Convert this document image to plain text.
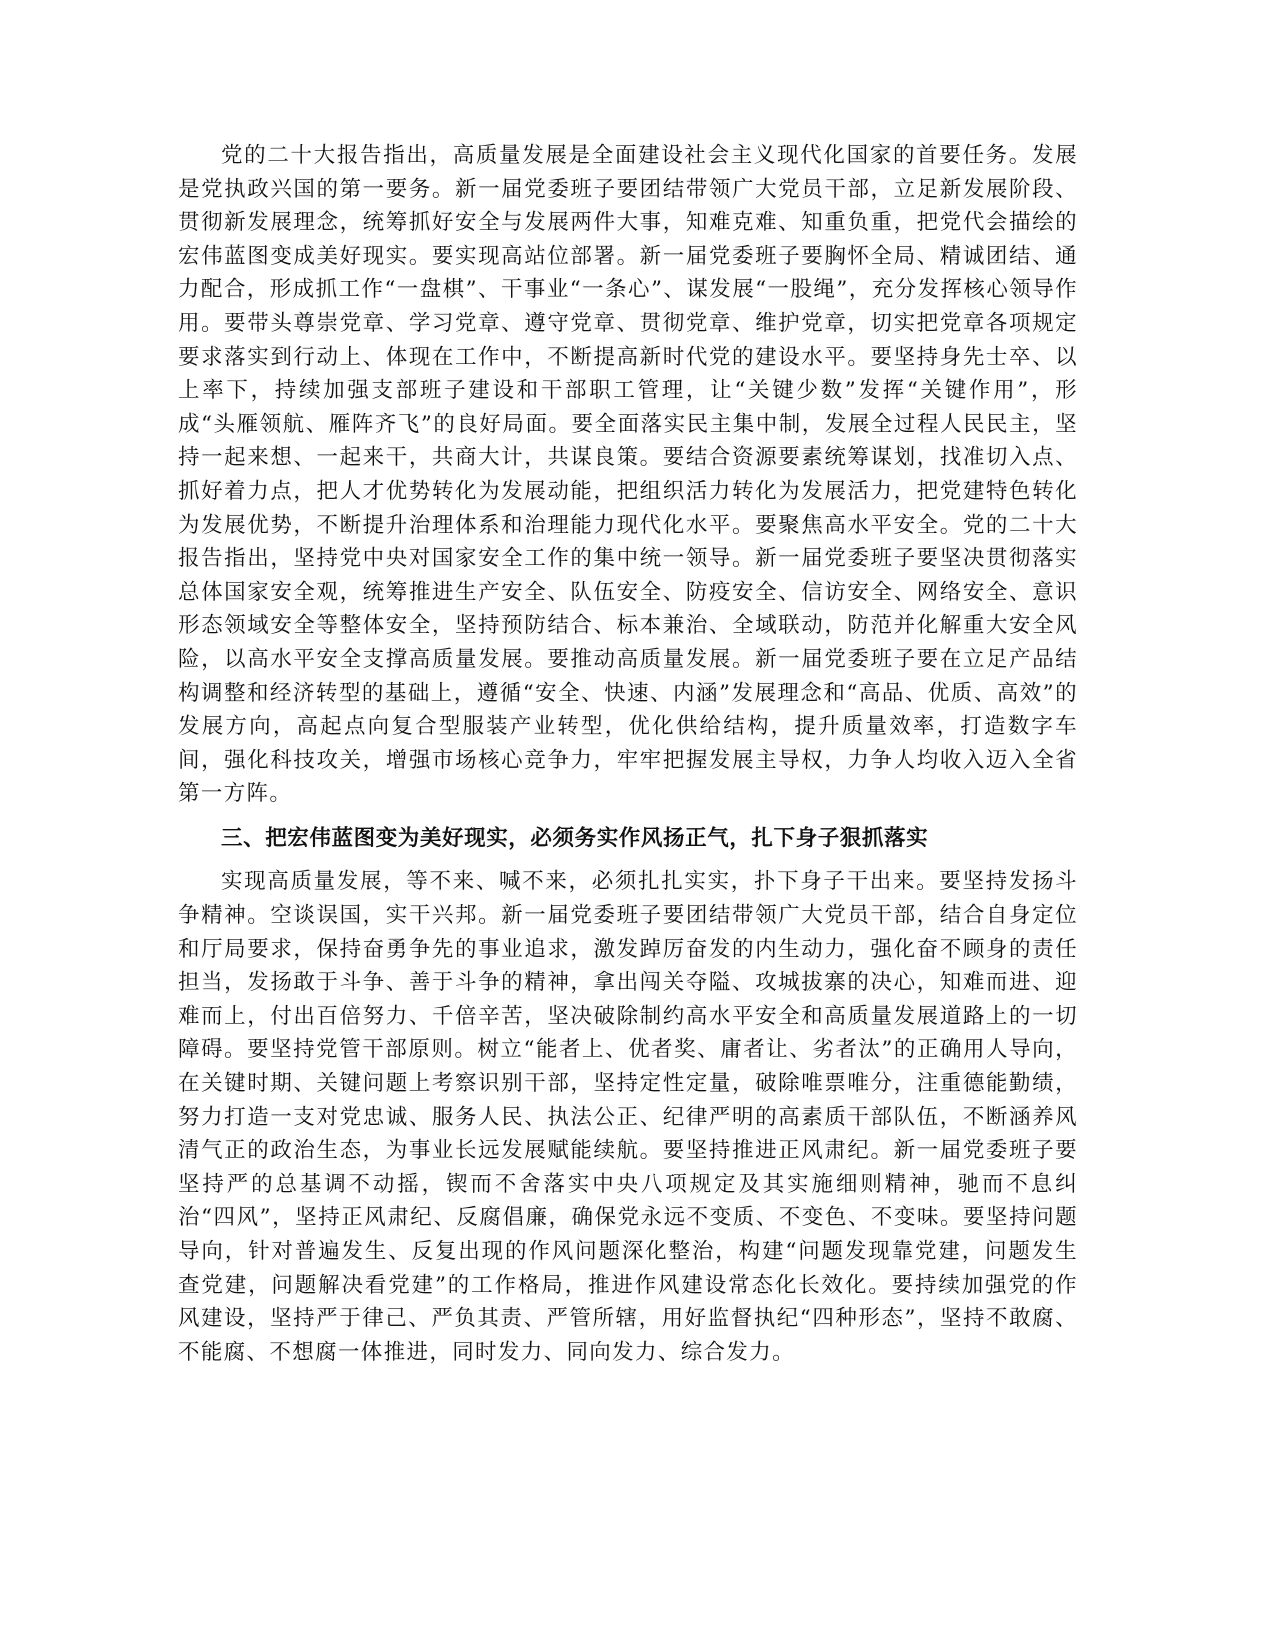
党的二十大报告指出，高质量发展是全面建设社会主义现代化国家的首要任务。发展是党执政兴国的第一要务。新一届党委班子要团结带领广大党员干部，立足新发展阶段、贯彻新发展理念，统筹抓好安全与发展两件大事，知难克难、知重负重，把党代会描绘的宏伟蓝图变成美好现实。要实现高站位部署。新一届党委班子要胸怀全局、精诚团结、通力配合，形成抓工作“一盘棋”、干事业“一条心”、谋发展“一股绳”，充分发挥核心领导作用。要带头尊崇党章、学习党章、遵守党章、贯彻党章、维护党章，切实把党章各项规定要求落实到行动上、体现在工作中，不断提高新时代党的建设水平。要坚持身先士卒、以上率下，持续加强支部班子建设和干部职工管理，让“关键少数”发挥“关键作用”，形成“头雁领航、雁阵齐飞”的良好局面。要全面落实民主集中制，发展全过程人民民主，坚持一起来想、一起来干，共商大计，共谋良策。要结合资源要素统筹谋划，找准切入点、抓好着力点，把人才优势转化为发展动能，把组织活力转化为发展活力，把党建特色转化为发展优势，不断提升治理体系和治理能力现代化水平。要聚焦高水平安全。党的二十大报告指出，坚持党中央对国家安全工作的集中统一领导。新一届党委班子要坚决贯彻落实总体国家安全观，统筹推进生产安全、队伍安全、防疫安全、信访安全、网络安全、意识形态领域安全等整体安全，坚持预防结合、标本兼治、全域联动，防范并化解重大安全风险，以高水平安全支撑高质量发展。要推动高质量发展。新一届党委班子要在立足产品结构调整和经济转型的基础上，遵循“安全、快速、内涵”发展理念和“高品、优质、高效”的发展方向，高起点向复合型服装产业转型，优化供给结构，提升质量效率，打造数字车间，强化科技攻关，增强市场核心竞争力，牢牢把握发展主导权，力争人均收入迈入全省第一方阵。

三、把宏伟蓝图变为美好现实，必须务实作风扬正气，扎下身子狠抓落实

实现高质量发展，等不来、喊不来，必须扎扎实实，扑下身子干出来。要坚持发扬斗争精神。空谈误国，实干兴邦。新一届党委班子要团结带领广大党员干部，结合自身定位和厅局要求，保持奋勇争先的事业追求，激发踔厉奋发的内生动力，强化奋不顾身的责任担当，发扬敢于斗争、善于斗争的精神，拿出闯关夺隘、攻城拔寨的决心，知难而进、迎难而上，付出百倍努力、千倍辛苦，坚决破除制约高水平安全和高质量发展道路上的一切障碍。要坚持党管干部原则。树立“能者上、优者奖、庸者让、劣者汰”的正确用人导向，在关键时期、关键问题上考察识别干部，坚持定性定量，破除唯票唯分，注重德能勤绩，努力打造一支对党忠诚、服务人民、执法公正、纪律严明的高素质干部队伍，不断涵养风清气正的政治生态，为事业长远发展赋能续航。要坚持推进正风肃纪。新一届党委班子要坚持严的总基调不动摇，锲而不舍落实中央八项规定及其实施细则精神，驰而不息纠治“四风”，坚持正风肃纪、反腐倡廉，确保党永远不变质、不变色、不变味。要坚持问题导向，针对普遍发生、反复出现的作风问题深化整治，构建“问题发现靠党建，问题发生查党建，问题解决看党建”的工作格局，推进作风建设常态化长效化。要持续加强党的作风建设，坚持严于律己、严负其责、严管所辖，用好监督执纪“四种形态”，坚持不敢腐、不能腐、不想腐一体推进，同时发力、同向发力、综合发力。
